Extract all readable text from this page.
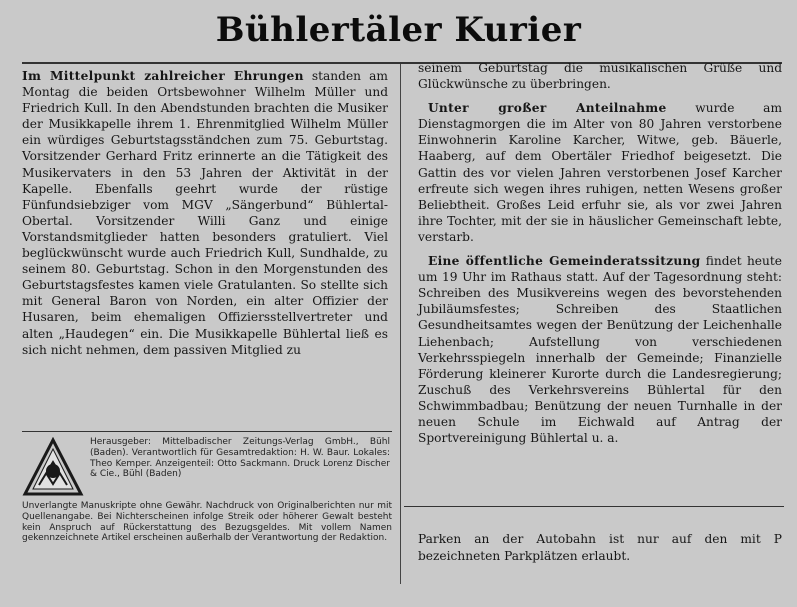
Bühlertäler Kurier

Im Mittelpunkt zahlreicher Ehrungen standen am Montag die beiden Ortsbewohner Wilhelm Müller und Friedrich Kull. In den Abendstunden brachten die Musiker der Musikkapelle ihrem 1. Ehrenmitglied Wilhelm Müller ein würdiges Geburtstagsständchen zum 75. Geburtstag. Vorsitzender Gerhard Fritz erinnerte an die Tätigkeit des Musikervaters in den 53 Jahren der Aktivität in der Kapelle. Ebenfalls geehrt wurde der rüstige Fünfundsiebziger vom MGV „Sängerbund“ Bühlertal-Obertal. Vorsitzender Willi Ganz und einige Vorstandsmitglieder hatten besonders gratuliert. Viel beglückwünscht wurde auch Friedrich Kull, Sundhalde, zu seinem 80. Geburtstag. Schon in den Morgenstunden des Geburtstagsfestes kamen viele Gratulanten. So stellte sich mit General Baron von Norden, ein alter Offizier der Husaren, beim ehemaligen Offiziersstellvertreter und alten „Haudegen“ ein. Die Musikkapelle Bühlertal ließ es sich nicht nehmen, dem passiven Mitglied zu

seinem Geburtstag die musikalischen Grüße und Glückwünsche zu überbringen.

Unter großer Anteilnahme wurde am Dienstagmorgen die im Alter von 80 Jahren verstorbene Einwohnerin Karoline Karcher, Witwe, geb. Bäuerle, Haaberg, auf dem Obertäler Friedhof beigesetzt. Die Gattin des vor vielen Jahren verstorbenen Josef Karcher erfreute sich wegen ihres ruhigen, netten Wesens großer Beliebtheit. Großes Leid erfuhr sie, als vor zwei Jahren ihre Tochter, mit der sie in häuslicher Gemeinschaft lebte, verstarb.

Eine öffentliche Gemeinderatssitzung findet heute um 19 Uhr im Rathaus statt. Auf der Tagesordnung steht: Schreiben des Musikvereins wegen des bevorstehenden Jubiläumsfestes; Schreiben des Staatlichen Gesundheitsamtes wegen der Benützung der Leichenhalle Liehenbach; Aufstellung von verschiedenen Verkehrsspiegeln innerhalb der Gemeinde; Finanzielle Förderung kleinerer Kurorte durch die Landesregierung; Zuschuß des Verkehrsvereins Bühlertal für den Schwimmbadbau; Benützung der neuen Turnhalle in der neuen Schule im Eichwald auf Antrag der Sportvereinigung Bühlertal u. a.

Herausgeber: Mittelbadischer Zeitungs-Verlag GmbH., Bühl (Baden). Verantwortlich für Gesamtredaktion: H. W. Baur. Lokales: Theo Kemper. Anzeigenteil: Otto Sackmann. Druck Lorenz Discher & Cie., Bühl (Baden)
Unverlangte Manuskripte ohne Gewähr. Nachdruck von Originalberichten nur mit Quellenangabe. Bei Nichterscheinen infolge Streik oder höherer Gewalt besteht kein Anspruch auf Rückerstattung des Bezugsgeldes. Mit vollem Namen gekennzeichnete Artikel erscheinen außerhalb der Verantwortung der Redaktion.	Parken an der Autobahn ist nur auf den mit P bezeichneten Parkplätzen erlaubt.
